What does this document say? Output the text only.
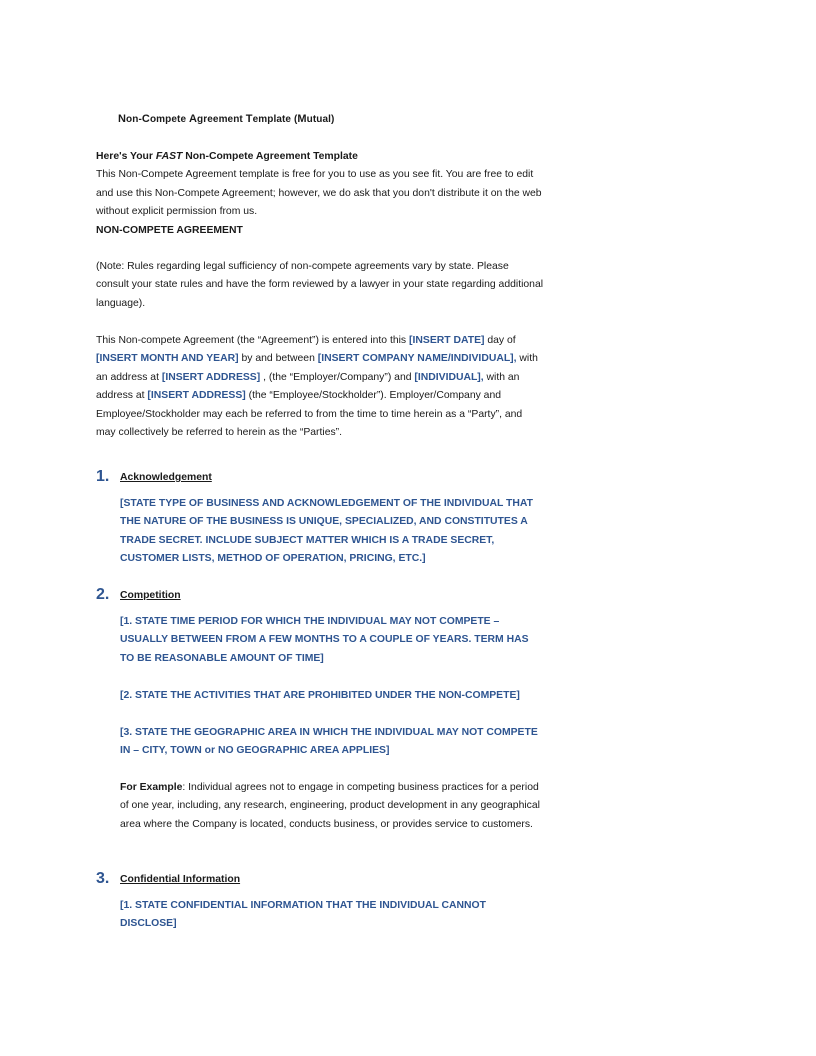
Non-Compete Agreement Template (Mutual)
Here's Your FAST Non-Compete Agreement Template
This Non-Compete Agreement template is free for you to use as you see fit. You are free to edit and use this Non-Compete Agreement; however, we do ask that you don't distribute it on the web without explicit permission from us.
NON-COMPETE AGREEMENT
(Note: Rules regarding legal sufficiency of non-compete agreements vary by state. Please consult your state rules and have the form reviewed by a lawyer in your state regarding additional language).
This Non-compete Agreement (the “Agreement”) is entered into this [INSERT DATE] day of [INSERT MONTH AND YEAR] by and between [INSERT COMPANY NAME/INDIVIDUAL], with an address at [INSERT ADDRESS] , (the “Employer/Company”) and [INDIVIDUAL], with an address at [INSERT ADDRESS] (the “Employee/Stockholder”). Employer/Company and Employee/Stockholder may each be referred to from the time to time herein as a “Party”, and may collectively be referred to herein as the “Parties”.
1. Acknowledgement
[STATE TYPE OF BUSINESS AND ACKNOWLEDGEMENT OF THE INDIVIDUAL THAT THE NATURE OF THE BUSINESS IS UNIQUE, SPECIALIZED, AND CONSTITUTES A TRADE SECRET. INCLUDE SUBJECT MATTER WHICH IS A TRADE SECRET, CUSTOMER LISTS, METHOD OF OPERATION, PRICING, ETC.]
2. Competition
[1. STATE TIME PERIOD FOR WHICH THE INDIVIDUAL MAY NOT COMPETE – USUALLY BETWEEN FROM A FEW MONTHS TO A COUPLE OF YEARS. TERM HAS TO BE REASONABLE AMOUNT OF TIME]
[2. STATE THE ACTIVITIES THAT ARE PROHIBITED UNDER THE NON-COMPETE]
[3. STATE THE GEOGRAPHIC AREA IN WHICH THE INDIVIDUAL MAY NOT COMPETE IN – CITY, TOWN or NO GEOGRAPHIC AREA APPLIES]
For Example: Individual agrees not to engage in competing business practices for a period of one year, including, any research, engineering, product development in any geographical area where the Company is located, conducts business, or provides service to customers.
3. Confidential Information
[1. STATE CONFIDENTIAL INFORMATION THAT THE INDIVIDUAL CANNOT DISCLOSE]
